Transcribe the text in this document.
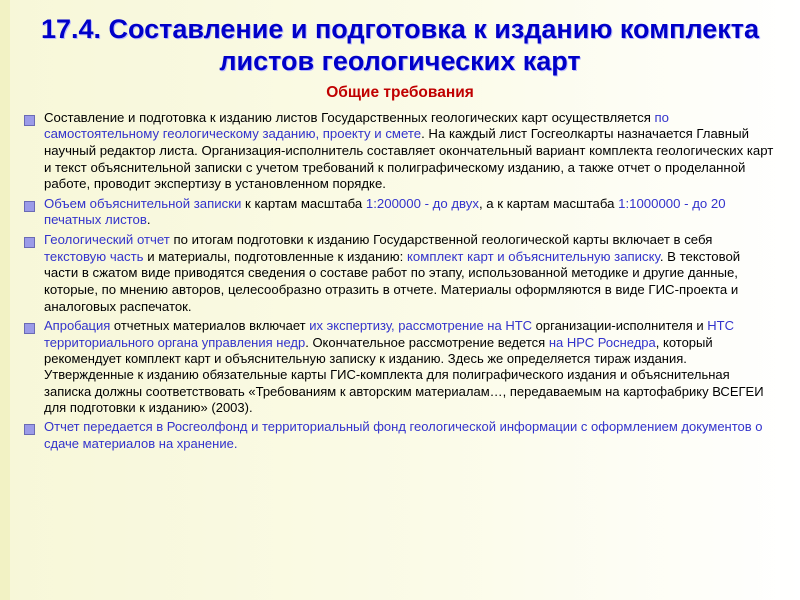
17.4. Составление и подготовка к изданию комплекта листов геологических карт
Общие требования
Составление и подготовка к изданию листов Государственных геологических карт осуществляется по самостоятельному геологическому заданию, проекту и смете. На каждый лист Госгеолкарты назначается Главный научный редактор листа. Организация-исполнитель составляет окончательный вариант комплекта геологических карт и текст объяснительной записки с учетом требований к полиграфическому изданию, а также отчет о проделанной работе, проводит экспертизу в установленном порядке.
Объем объяснительной записки к картам масштаба 1:200000 - до двух, а к картам масштаба 1:1000000 - до 20 печатных листов.
Геологический отчет по итогам подготовки к изданию Государственной геологической карты включает в себя текстовую часть и материалы, подготовленные к изданию: комплект карт и объяснительную записку. В текстовой части в сжатом виде приводятся сведения о составе работ по этапу, использованной методике и другие данные, которые, по мнению авторов, целесообразно отразить в отчете. Материалы оформляются в виде ГИС-проекта и аналоговых распечаток.
Апробация отчетных материалов включает их экспертизу, рассмотрение на НТС организации-исполнителя и НТС территориального органа управления недр. Окончательное рассмотрение ведется на НРС Роснедра, который рекомендует комплект карт и объяснительную записку к изданию. Здесь же определяется тираж издания. Утвержденные к изданию обязательные карты ГИС-комплекта для полиграфического издания и объяснительная записка должны соответствовать «Требованиям к авторским материалам…, передаваемым на картофабрику ВСЕГЕИ для подготовки к изданию» (2003).
Отчет передается в Росгеолфонд и территориальный фонд геологической информации с оформлением документов о сдаче материалов на хранение.
